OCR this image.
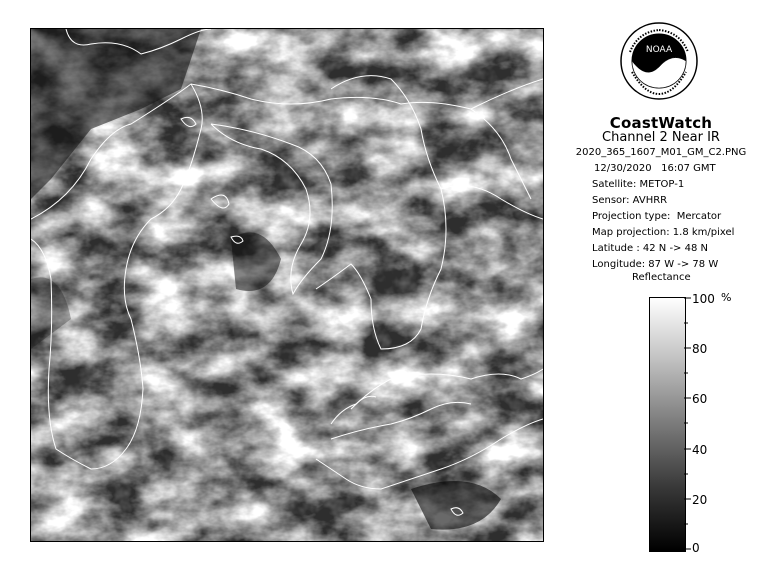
NOAA
CoastWatch
Channel 2 Near IR
2020_365_1607_M01_GM_C2.PNG
12/30/2020   16:07 GMT
Satellite: METOP-1
Sensor: AVHRR
Projection type:  Mercator
Map projection: 1.8 km/pixel
Latitude : 42 N -> 48 N
Longitude: 87 W -> 78 W
Reflectance
%
100
80
60
40
20
0
